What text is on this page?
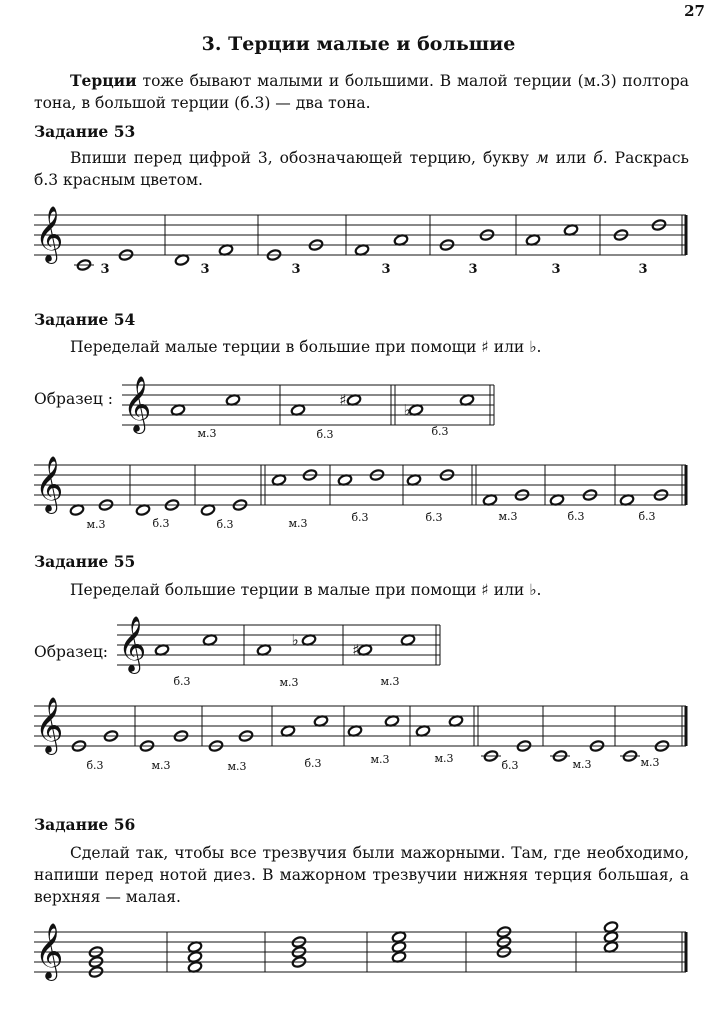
27
3. Терции малые и большие
Терции тоже бывают малыми и большими. В малой терции (м.3) полтора тона, в большой терции (б.3) — два тона.
Задание 53
Впиши перед цифрой 3, обозначающей терцию, букву м или б. Раскрась б.3 красным цветом.
Задание 54
Переделай малые терции в большие при помощи ♯ или ♭.
Образец :
Задание 55
Переделай большие терции в малые при помощи ♯ или ♭.
Образец:
Задание 56
Сделай так, чтобы все трезвучия были мажорными. Там, где необходимо, напиши перед нотой диез. В мажорном трезвучии нижняя терция большая, а верхняя — малая.
𝄞
3	3	3	3	3	3	3
𝄞	♯
♭
м.3	б.3	б.3
𝄞
м.3	б.3	б.3	м.3	б.3	б.3	м.3	б.3	б.3
𝄞	♭
♯
б.3	м.3	м.3
𝄞
б.3	м.3	м.3	б.3	м.3	м.3
б.3	м.3	м.3
𝄞
